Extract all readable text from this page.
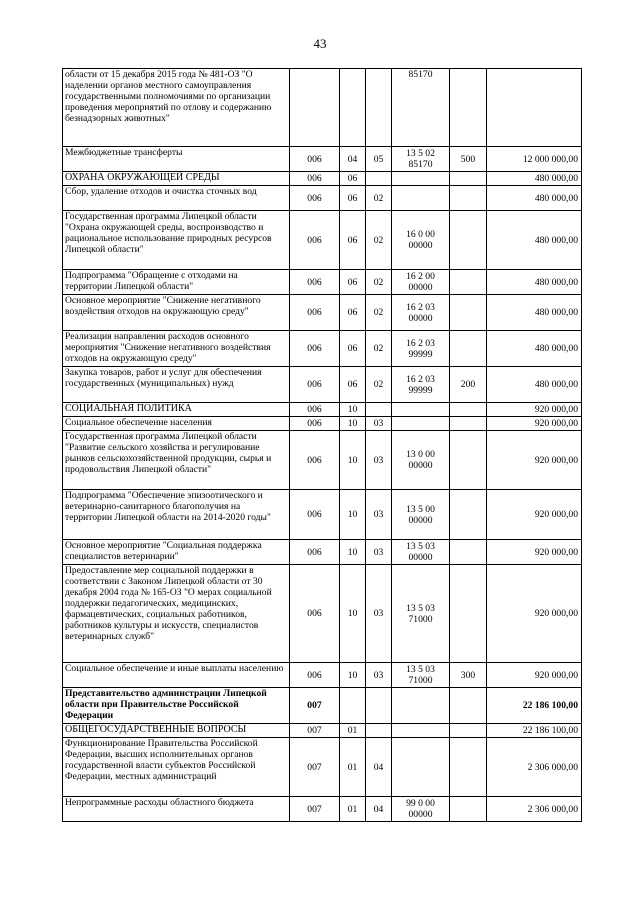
43
области от 15 декабря 2015 года № 481-ОЗ "О наделении органов местного самоуправления государственными полномочиями по организации проведения мероприятий по отлову и содержанию безнадзорных животных"				85170		
Межбюджетные трансферты	006	04	05	13 5 02 85170	500	12 000 000,00
ОХРАНА ОКРУЖАЮЩЕЙ СРЕДЫ	006	06				480 000,00
Сбор, удаление отходов и очистка сточных вод	006	06	02			480 000,00
Государственная программа Липецкой области "Охрана окружающей среды, воспроизводство и рациональное использование природных ресурсов Липецкой области"	006	06	02	16 0 00 00000		480 000,00
Подпрограмма "Обращение с отходами на территории Липецкой области"	006	06	02	16 2 00 00000		480 000,00
Основное мероприятие "Снижение негативного воздействия отходов на окружающую среду"	006	06	02	16 2 03 00000		480 000,00
Реализация направления расходов основного мероприятия "Снижение негативного воздействия отходов на окружающую среду"	006	06	02	16 2 03 99999		480 000,00
Закупка товаров, работ и услуг для обеспечения государственных (муниципальных) нужд	006	06	02	16 2 03 99999	200	480 000,00
СОЦИАЛЬНАЯ ПОЛИТИКА	006	10				920 000,00
Социальное обеспечение населения	006	10	03			920 000,00
Государственная программа Липецкой области "Развитие сельского хозяйства и регулирование рынков сельскохозяйственной продукции, сырья и продовольствия Липецкой области"	006	10	03	13 0 00 00000		920 000,00
Подпрограмма "Обеспечение эпизоотического и ветеринарно-санитарного благополучия на территории Липецкой области на 2014-2020 годы"	006	10	03	13 5 00 00000		920 000,00
Основное мероприятие "Социальная поддержка специалистов ветеринарии"	006	10	03	13 5 03 00000		920 000,00
Предоставление мер социальной поддержки в соответствии с Законом Липецкой области от 30 декабря 2004 года № 165-ОЗ "О мерах социальной поддержки педагогических, медицинских, фармацевтических, социальных работников, работников культуры и искусств, специалистов ветеринарных служб"	006	10	03	13 5 03 71000		920 000,00
Социальное обеспечение и иные выплаты населению	006	10	03	13 5 03 71000	300	920 000,00
Представительство администрации Липецкой области при Правительстве Российской Федерации	007					22 186 100,00
ОБЩЕГОСУДАРСТВЕННЫЕ ВОПРОСЫ	007	01				22 186 100,00
Функционирование Правительства Российской Федерации, высших исполнительных органов государственной власти субъектов Российской Федерации, местных администраций	007	01	04			2 306 000,00
Непрограммные расходы областного бюджета	007	01	04	99 0 00 00000		2 306 000,00
